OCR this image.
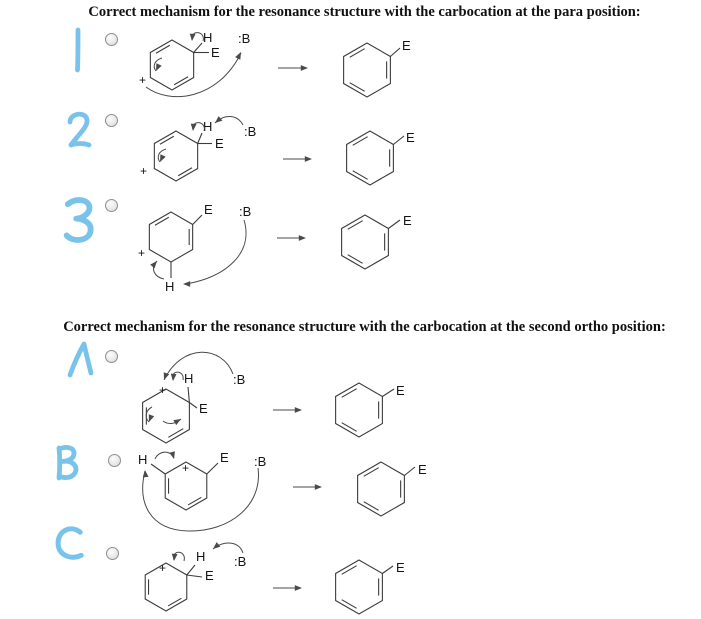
Correct mechanism for the resonance structure with the carbocation at the para position:
Correct mechanism for the resonance structure with the carbocation at the second ortho position:
H
E
:B
+
E
H
E
:B
+
E
E
H
:B
+
E
H
E
:B
+	E
H	E :B
+	E
H
E
:B
+	E
